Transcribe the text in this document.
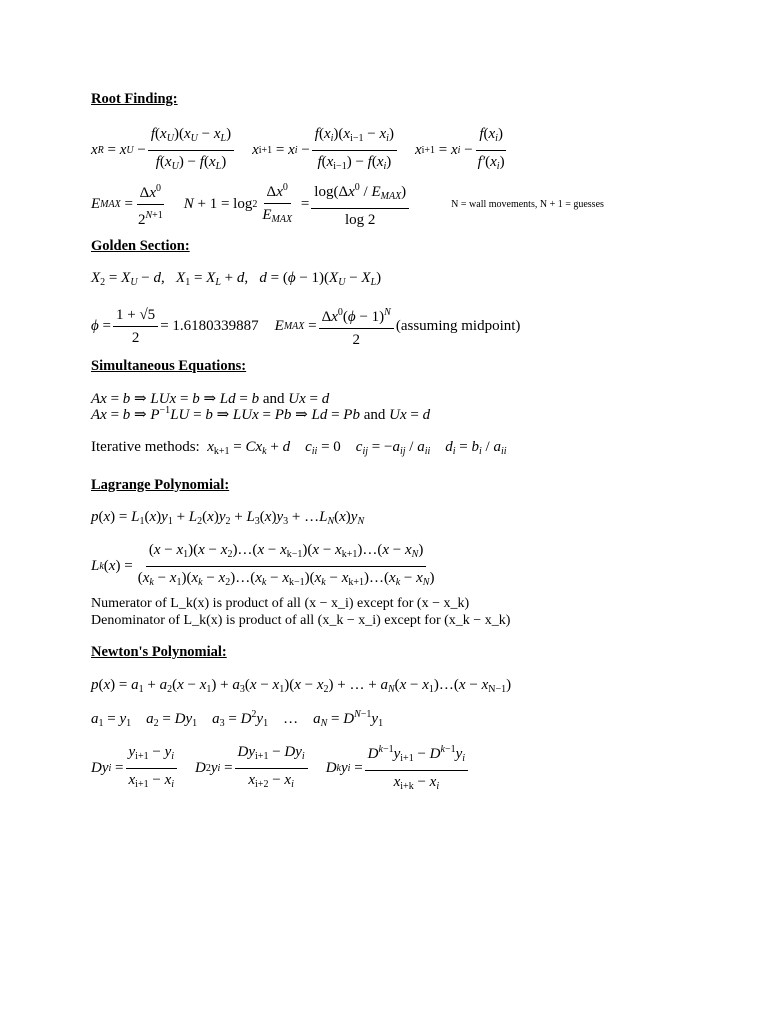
Root Finding:
x R = x $U - \frac{f(x_U)(x_U - x_L)}{f(x_U) - f(x_L)}$ x i+1 = x $i - \frac{f(x_i)(x_{i-1} - x_i)}{f(x_{i-1}) - f(x_i)}$ x i+1 = x $i - \frac{f(x_i)}{f'(x_i)}$
E MAX = $\frac{\Delta x^0}{2^{N+1}}$ $N + 1 = \log 2 \frac{\Delta x^0}{E_{MAX}} = \frac{\log(\Delta x^0 / E_{MAX})}{\log 2}$	N = wall movements, N + 1 = guesses
Golden Section:
$X_2 = X_U - d$,   $X_1 = X_L + d$,   $d = (\phi - 1)(X_U - X_L)$
$\phi = \frac{1 + √5}{2} = 1.6180339887$ E MAX = $\frac{\Delta x^0(\phi - 1)^N}{2}$ (assuming midpoint)
Simultaneous Equations:
Ax = b ⇒ LUx = b ⇒ Ld = b and Ux = d
Ax = b ⇒ $P^{-1}LU = b$ ⇒ LUx = Pb ⇒ Ld = Pb and Ux = d
Iterative methods: $x_{k+1} = Cx_k + d$ $c_{ii} = 0$    $c_{ij} = -a_{ij} / a_{ii}$ $d_i = b_i / a_{ii}$
Lagrange Polynomial:
$p(x) = L_1(x)y_1 + L_2(x)y_2 + L_3(x)y_3$ + $\dots L_N(x)y_N$
L k ( x ) = $\frac{(x - x_1)(x - x_2)\dots(x - x_{k-1})(x - x_{k+1})\dots(x - x_N)}{(x_k - x_1)(x_k - x_2)\dots(x_k - x_{k-1})(x_k - x_{k+1})\dots(x_k - x_N)}$
Numerator of L_k(x) is product of all (x − x_i) except for (x − x_k)
Denominator of L_k(x) is product of all (x_k − x_i) except for (x_k − x_k)
Newton's Polynomial:
$p(x) = a_1 + a_2(x - x_1) + a_3(x - x_1)(x - x_2)$ + … + $a_N(x$ − $x_1)\dots(x - x_{N-1})$
$a_1 = y_1$ $a_2 = Dy_1$ $a_3 = D^2y_1$    …    $a_N = D^{N-1}y_1$
Dy $i = \frac{y_{i+1} - y_i}{x_{i+1} - x_i}$ D 2 y $i = \frac{Dy_{i+1} - Dy_i}{x_{i+2} - x_i}$ D k y $i = \frac{D^{k-1}y_{i+1} - D^{k-1}y_i}{x_{i+k} - x_i}$
